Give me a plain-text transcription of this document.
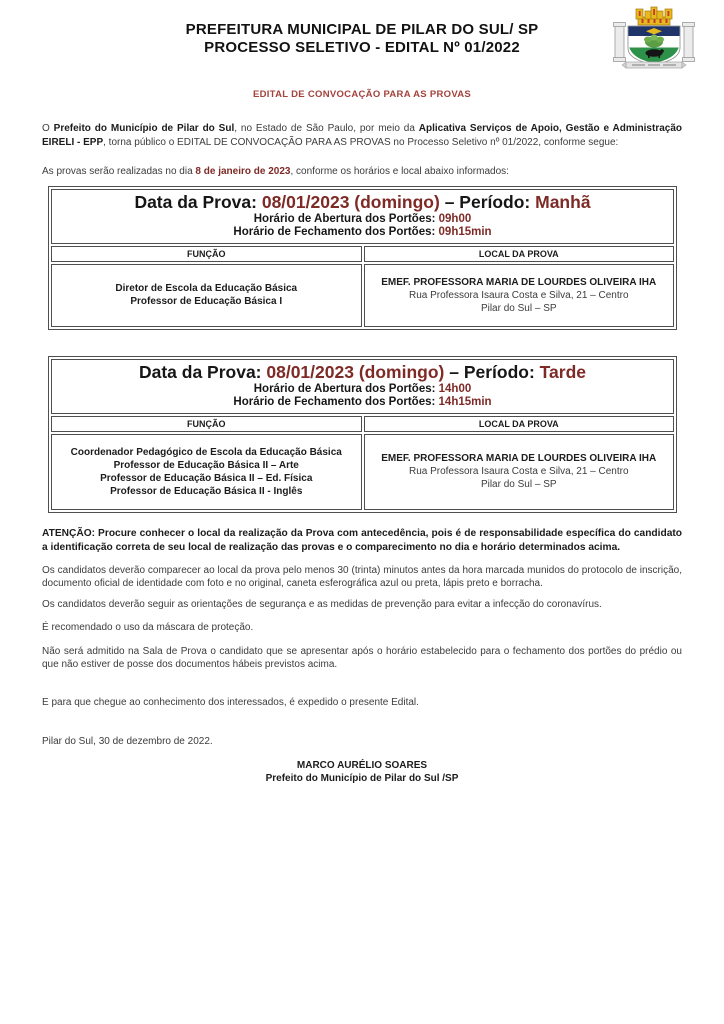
PREFEITURA MUNICIPAL DE PILAR DO SUL/ SP
PROCESSO SELETIVO - EDITAL Nº 01/2022
EDITAL DE CONVOCAÇÃO PARA AS PROVAS

O Prefeito do Município de Pilar do Sul, no Estado de São Paulo, por meio da Aplicativa Serviços de Apoio, Gestão e Administração EIRELI - EPP, torna público o EDITAL DE CONVOCAÇÃO PARA AS PROVAS no Processo Seletivo nº 01/2022, conforme segue:

As provas serão realizadas no dia 8 de janeiro de 2023, conforme os horários e local abaixo informados:

Data da Prova: 08/01/2023 (domingo) – Período: Manhã
Horário de Abertura dos Portões: 09h00
Horário de Fechamento dos Portões: 09h15min	

FUNÇÃO	LOCAL DA PROVA

Diretor de Escola da Educação Básica
Professor de Educação Básica I

EMEF. PROFESSORA MARIA DE LOURDES OLIVEIRA IHA
Rua Professora Isaura Costa e Silva, 21 – Centro
Pilar do Sul – SP
Data da Prova: 08/01/2023 (domingo) – Período: Tarde
Horário de Abertura dos Portões: 14h00
Horário de Fechamento dos Portões: 14h15min	

FUNÇÃO	LOCAL DA PROVA

Coordenador Pedagógico de Escola da Educação Básica
Professor de Educação Básica II – Arte
Professor de Educação Básica II – Ed. Física
Professor de Educação Básica II - Inglês

EMEF. PROFESSORA MARIA DE LOURDES OLIVEIRA IHA
Rua Professora Isaura Costa e Silva, 21 – Centro
Pilar do Sul – SP

ATENÇÃO: Procure conhecer o local da realização da Prova com antecedência, pois é de responsabilidade específica do candidato a identificação correta de seu local de realização das provas e o comparecimento no dia e horário determinados acima.

Os candidatos deverão comparecer ao local da prova pelo menos 30 (trinta) minutos antes da hora marcada munidos do protocolo de inscrição, documento oficial de identidade com foto e no original, caneta esferográfica azul ou preta, lápis preto e borracha.

Os candidatos deverão seguir as orientações de segurança e as medidas de prevenção para evitar a infecção do coronavírus.

É recomendado o uso da máscara de proteção.

Não será admitido na Sala de Prova o candidato que se apresentar após o horário estabelecido para o fechamento dos portões do prédio ou que não estiver de posse dos documentos hábeis previstos acima.

E para que chegue ao conhecimento dos interessados, é expedido o presente Edital.

Pilar do Sul, 30 de dezembro de 2022.

MARCO AURÉLIO SOARES
Prefeito do Município de Pilar do Sul /SP
